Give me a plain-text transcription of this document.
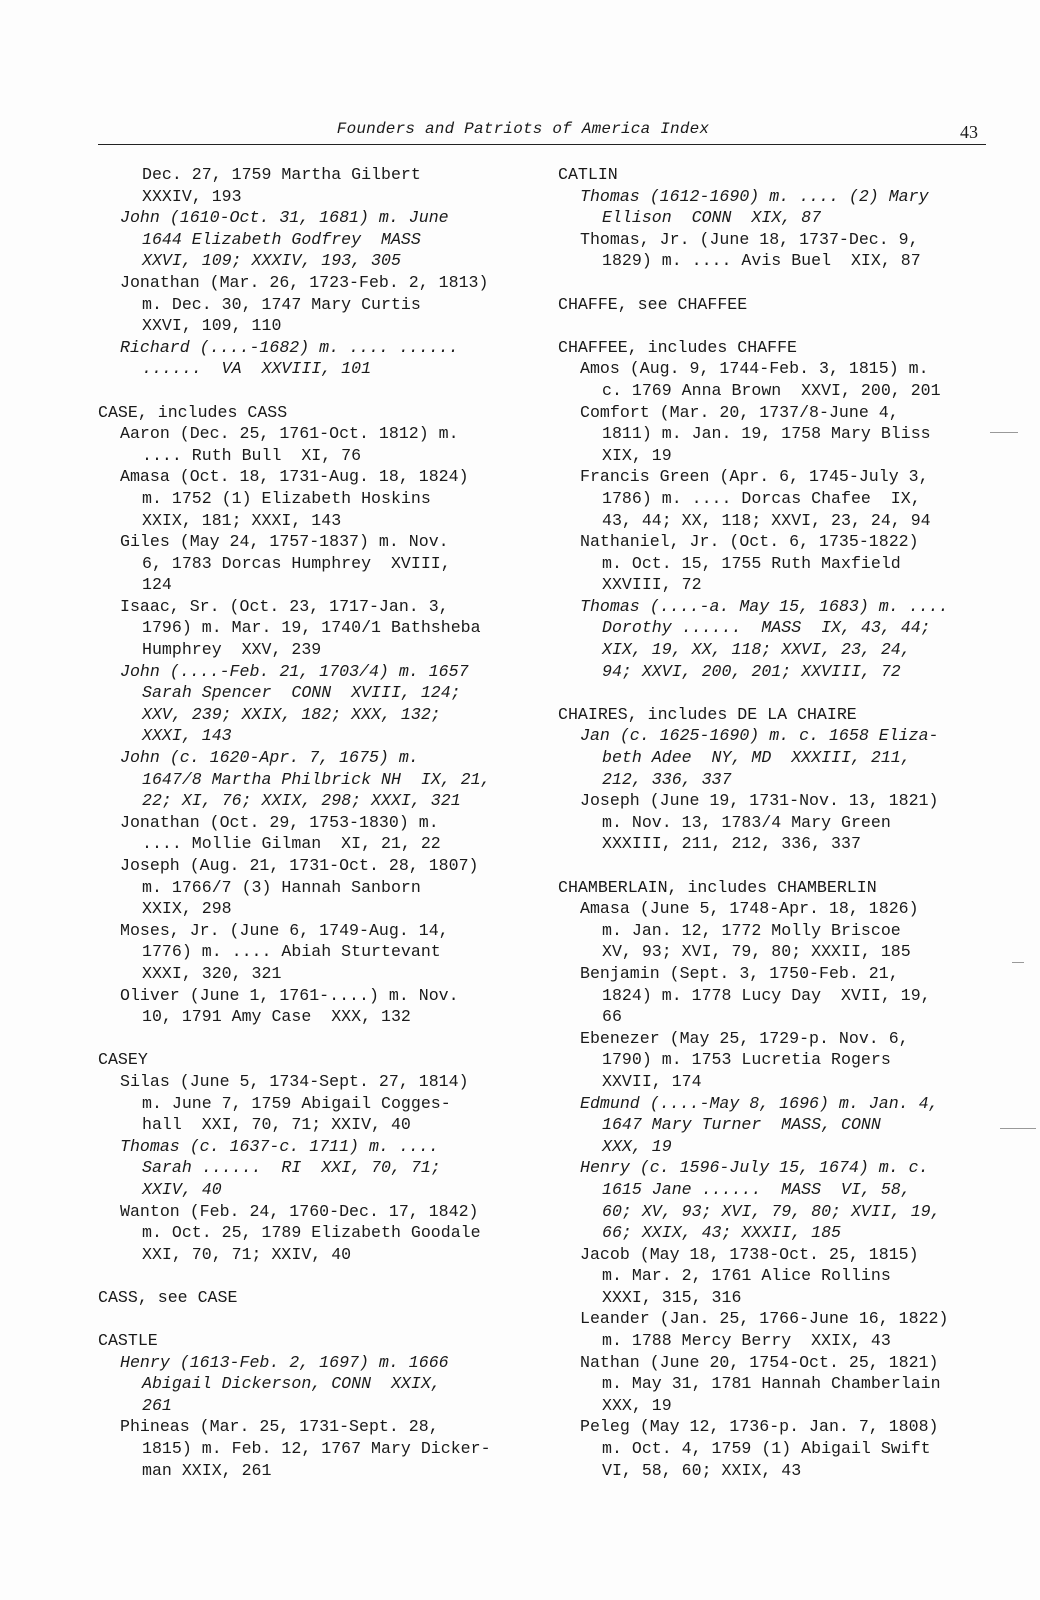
Founders and Patriots of America Index	43
Dec. 27, 1759 Martha Gilbert
XXXIV, 193
John (1610-Oct. 31, 1681) m. June
1644 Elizabeth Godfrey  MASS
XXVI, 109; XXXIV, 193, 305
Jonathan (Mar. 26, 1723-Feb. 2, 1813)
m. Dec. 30, 1747 Mary Curtis
XXVI, 109, 110
Richard (....-1682) m. .... ......
......  VA  XXVIII, 101
CASE, includes CASS
Aaron (Dec. 25, 1761-Oct. 1812) m.
.... Ruth Bull  XI, 76
Amasa (Oct. 18, 1731-Aug. 18, 1824)
m. 1752 (1) Elizabeth Hoskins
XXIX, 181; XXXI, 143
Giles (May 24, 1757-1837) m. Nov.
6, 1783 Dorcas Humphrey  XVIII,
124
Isaac, Sr. (Oct. 23, 1717-Jan. 3,
1796) m. Mar. 19, 1740/1 Bathsheba
Humphrey  XXV, 239
John (....-Feb. 21, 1703/4) m. 1657
Sarah Spencer  CONN  XVIII, 124;
XXV, 239; XXIX, 182; XXX, 132;
XXXI, 143
John (c. 1620-Apr. 7, 1675) m.
1647/8 Martha Philbrick NH  IX, 21,
22; XI, 76; XXIX, 298; XXXI, 321
Jonathan (Oct. 29, 1753-1830) m.
.... Mollie Gilman  XI, 21, 22
Joseph (Aug. 21, 1731-Oct. 28, 1807)
m. 1766/7 (3) Hannah Sanborn
XXIX, 298
Moses, Jr. (June 6, 1749-Aug. 14,
1776) m. .... Abiah Sturtevant
XXXI, 320, 321
Oliver (June 1, 1761-....) m. Nov.
10, 1791 Amy Case  XXX, 132
CASEY
Silas (June 5, 1734-Sept. 27, 1814)
m. June 7, 1759 Abigail Cogges-
hall  XXI, 70, 71; XXIV, 40
Thomas (c. 1637-c. 1711) m. ....
Sarah ......  RI  XXI, 70, 71;
XXIV, 40
Wanton (Feb. 24, 1760-Dec. 17, 1842)
m. Oct. 25, 1789 Elizabeth Goodale
XXI, 70, 71; XXIV, 40
CASS, see CASE
CASTLE
Henry (1613-Feb. 2, 1697) m. 1666
Abigail Dickerson, CONN  XXIX,
261
Phineas (Mar. 25, 1731-Sept. 28,
1815) m. Feb. 12, 1767 Mary Dicker-
man XXIX, 261
CATLIN
Thomas (1612-1690) m. .... (2) Mary
Ellison  CONN  XIX, 87
Thomas, Jr. (June 18, 1737-Dec. 9,
1829) m. .... Avis Buel  XIX, 87
CHAFFE, see CHAFFEE
CHAFFEE, includes CHAFFE
Amos (Aug. 9, 1744-Feb. 3, 1815) m.
c. 1769 Anna Brown  XXVI, 200, 201
Comfort (Mar. 20, 1737/8-June 4,
1811) m. Jan. 19, 1758 Mary Bliss
XIX, 19
Francis Green (Apr. 6, 1745-July 3,
1786) m. .... Dorcas Chafee  IX,
43, 44; XX, 118; XXVI, 23, 24, 94
Nathaniel, Jr. (Oct. 6, 1735-1822)
m. Oct. 15, 1755 Ruth Maxfield
XXVIII, 72
Thomas (....-a. May 15, 1683) m. ....
Dorothy ......  MASS  IX, 43, 44;
XIX, 19, XX, 118; XXVI, 23, 24,
94; XXVI, 200, 201; XXVIII, 72
CHAIRES, includes DE LA CHAIRE
Jan (c. 1625-1690) m. c. 1658 Eliza-
beth Adee  NY, MD  XXXIII, 211,
212, 336, 337
Joseph (June 19, 1731-Nov. 13, 1821)
m. Nov. 13, 1783/4 Mary Green
XXXIII, 211, 212, 336, 337
CHAMBERLAIN, includes CHAMBERLIN
Amasa (June 5, 1748-Apr. 18, 1826)
m. Jan. 12, 1772 Molly Briscoe
XV, 93; XVI, 79, 80; XXXII, 185
Benjamin (Sept. 3, 1750-Feb. 21,
1824) m. 1778 Lucy Day  XVII, 19,
66
Ebenezer (May 25, 1729-p. Nov. 6,
1790) m. 1753 Lucretia Rogers
XXVII, 174
Edmund (....-May 8, 1696) m. Jan. 4,
1647 Mary Turner  MASS, CONN
XXX, 19
Henry (c. 1596-July 15, 1674) m. c.
1615 Jane ......  MASS  VI, 58,
60; XV, 93; XVI, 79, 80; XVII, 19,
66; XXIX, 43; XXXII, 185
Jacob (May 18, 1738-Oct. 25, 1815)
m. Mar. 2, 1761 Alice Rollins
XXXI, 315, 316
Leander (Jan. 25, 1766-June 16, 1822)
m. 1788 Mercy Berry  XXIX, 43
Nathan (June 20, 1754-Oct. 25, 1821)
m. May 31, 1781 Hannah Chamberlain
XXX, 19
Peleg (May 12, 1736-p. Jan. 7, 1808)
m. Oct. 4, 1759 (1) Abigail Swift
VI, 58, 60; XXIX, 43
